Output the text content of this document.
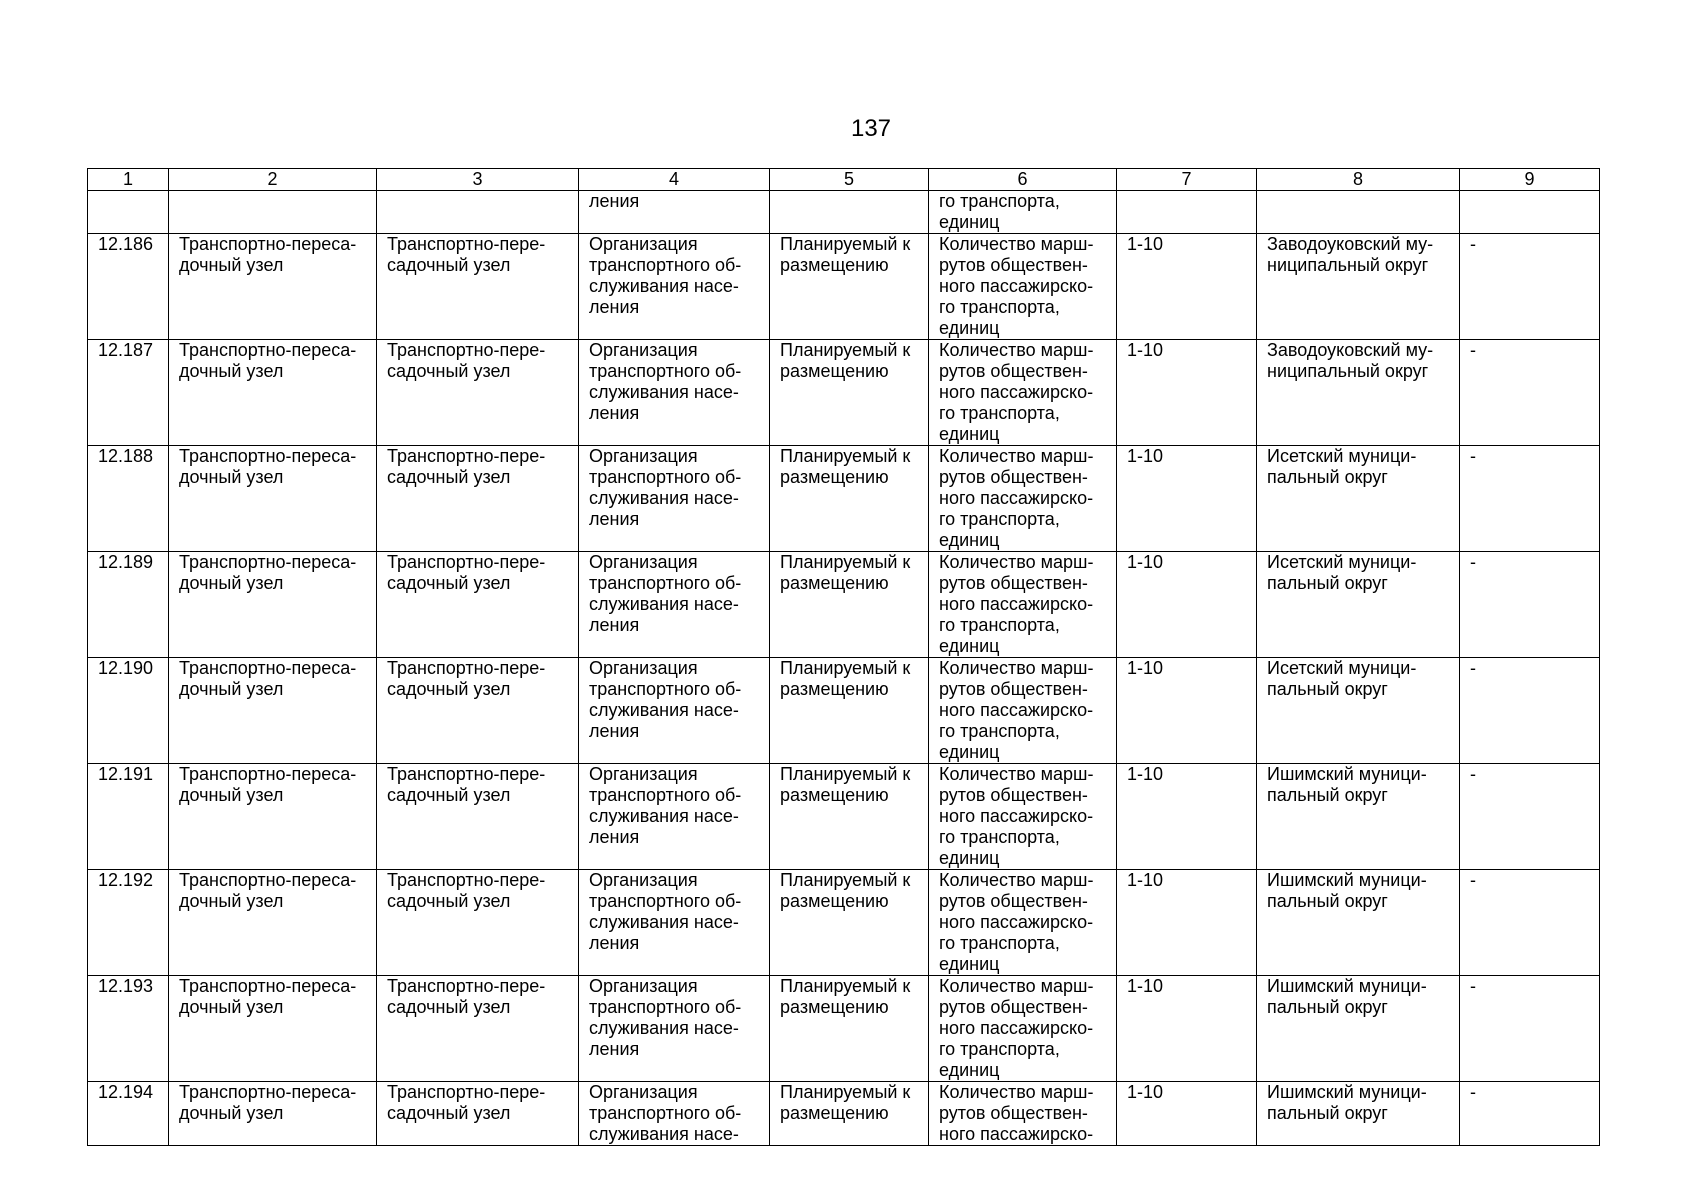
137
1	2	3	4	5	6	7	8	9
			ления		го транспорта,
единиц			
12.186	Транспортно-переса-
дочный узел	Транспортно-пере-
садочный узел	Организация
транспортного об-
служивания насе-
ления	Планируемый к
размещению	Количество марш-
рутов обществен-
ного пассажирско-
го транспорта,
единиц	1-10	Заводоуковский му-
ниципальный округ	-
12.187	Транспортно-переса-
дочный узел	Транспортно-пере-
садочный узел	Организация
транспортного об-
служивания насе-
ления	Планируемый к
размещению	Количество марш-
рутов обществен-
ного пассажирско-
го транспорта,
единиц	1-10	Заводоуковский му-
ниципальный округ	-
12.188	Транспортно-переса-
дочный узел	Транспортно-пере-
садочный узел	Организация
транспортного об-
служивания насе-
ления	Планируемый к
размещению	Количество марш-
рутов обществен-
ного пассажирско-
го транспорта,
единиц	1-10	Исетский муници-
пальный округ	-
12.189	Транспортно-переса-
дочный узел	Транспортно-пере-
садочный узел	Организация
транспортного об-
служивания насе-
ления	Планируемый к
размещению	Количество марш-
рутов обществен-
ного пассажирско-
го транспорта,
единиц	1-10	Исетский муници-
пальный округ	-
12.190	Транспортно-переса-
дочный узел	Транспортно-пере-
садочный узел	Организация
транспортного об-
служивания насе-
ления	Планируемый к
размещению	Количество марш-
рутов обществен-
ного пассажирско-
го транспорта,
единиц	1-10	Исетский муници-
пальный округ	-
12.191	Транспортно-переса-
дочный узел	Транспортно-пере-
садочный узел	Организация
транспортного об-
служивания насе-
ления	Планируемый к
размещению	Количество марш-
рутов обществен-
ного пассажирско-
го транспорта,
единиц	1-10	Ишимский муници-
пальный округ	-
12.192	Транспортно-переса-
дочный узел	Транспортно-пере-
садочный узел	Организация
транспортного об-
служивания насе-
ления	Планируемый к
размещению	Количество марш-
рутов обществен-
ного пассажирско-
го транспорта,
единиц	1-10	Ишимский муници-
пальный округ	-
12.193	Транспортно-переса-
дочный узел	Транспортно-пере-
садочный узел	Организация
транспортного об-
служивания насе-
ления	Планируемый к
размещению	Количество марш-
рутов обществен-
ного пассажирско-
го транспорта,
единиц	1-10	Ишимский муници-
пальный округ	-
12.194	Транспортно-переса-
дочный узел	Транспортно-пере-
садочный узел	Организация
транспортного об-
служивания насе-	Планируемый к
размещению	Количество марш-
рутов обществен-
ного пассажирско-	1-10	Ишимский муници-
пальный округ	-
